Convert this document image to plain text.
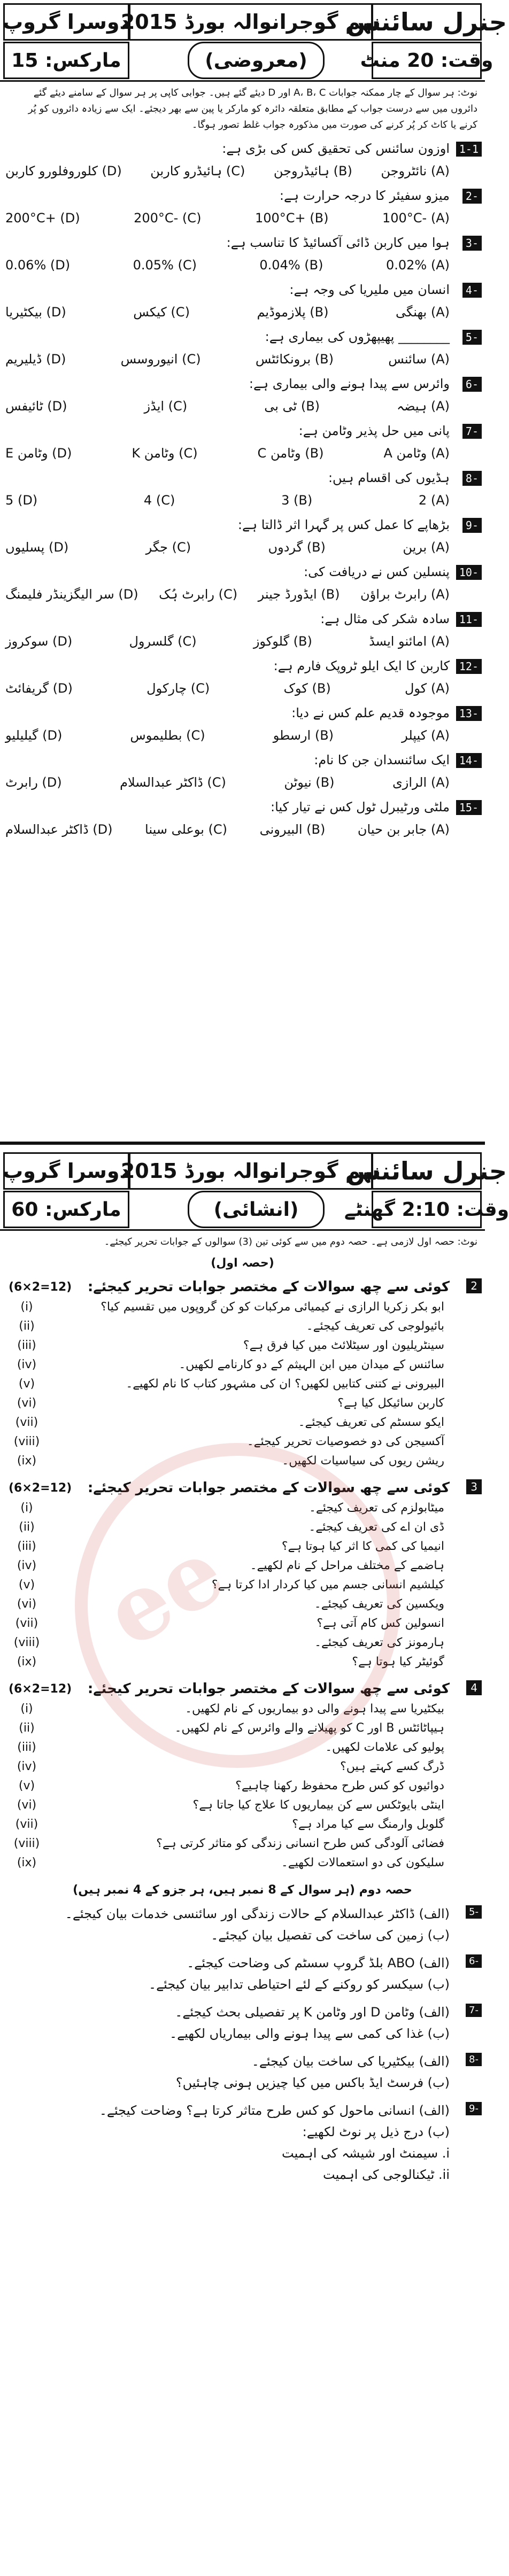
جنرل سائنس
نہم گوجرانوالہ بورڈ 2015
دوسرا گروپ
وقت: 20 منٹ
(معروضی)
مارکس: 15
نوٹ: ہر سوال کے چار ممکنہ جوابات A، B، C اور D دیئے گئے ہیں۔ جوابی کاپی پر ہر سوال کے سامنے دیئے گئے دائروں میں سے درست جواب کے مطابق متعلقہ دائرہ کو مارکر یا پین سے بھر دیجئے۔ ایک سے زیادہ دائروں کو پُر کرنے یا کاٹ کر پُر کرنے کی صورت میں مذکورہ جواب غلط تصور ہوگا۔
1-1
اوزون سائنس کی تحقیق کس کی بڑی ہے:
(A) نائٹروجن
(B) ہائیڈروجن
(C) ہائیڈرو کاربن
(D) کلوروفلورو کاربن
-2
میزو سفیئر کا درجہ حرارت ہے:
(A) -100°C
(B) +100°C
(C) -200°C
(D) +200°C
-3
ہوا میں کاربن ڈائی آکسائیڈ کا تناسب ہے:
(A) 0.02%
(B) 0.04%
(C) 0.05%
(D) 0.06%
-4
انسان میں ملیریا کی وجہ ہے:
(A) بھنگی
(B) پلازموڈیم
(C) کیکس
(D) بیکٹیریا
-5
________ پھیپھڑوں کی بیماری ہے:
(A) سائنس
(B) برونکائٹس
(C) انیوروسس
(D) ڈیلیریم
-6
وائرس سے پیدا ہونے والی بیماری ہے:
(A) ہیضہ
(B) ٹی بی
(C) ایڈز
(D) ٹائیفس
-7
پانی میں حل پذیر وٹامن ہے:
(A) وٹامن A
(B) وٹامن C
(C) وٹامن K
(D) وٹامن E
-8
ہڈیوں کی اقسام ہیں:
(A) 2
(B) 3
(C) 4
(D) 5
-9
بڑھاپے کا عمل کس پر گہرا اثر ڈالتا ہے:
(A) برین
(B) گردوں
(C) جگر
(D) پسلیوں
-10
پنسلین کس نے دریافت کی:
(A) رابرٹ براؤن
(B) ایڈورڈ جینر
(C) رابرٹ ہُک
(D) سر الیگزینڈر فلیمنگ
-11
سادہ شکر کی مثال ہے:
(A) امائنو ایسڈ
(B) گلوکوز
(C) گلسرول
(D) سوکروز
-12
کاربن کا ایک ایلو ٹروپک فارم ہے:
(A) کول
(B) کوک
(C) چارکول
(D) گریفائٹ
-13
موجودہ قدیم علم کس نے دیا:
(A) کیپلر
(B) ارسطو
(C) بطلیموس
(D) گیلیلیو
-14
ایک سائنسدان جن کا نام:
(A) الرازی
(B) نیوٹن
(C) ڈاکٹر عبدالسلام
(D) رابرٹ
-15
ملٹی ورٹیبرل ٹول کس نے تیار کیا:
(A) جابر بن حیان
(B) البیرونی
(C) بوعلی سینا
(D) ڈاکٹر عبدالسلام
جنرل سائنس
نہم گوجرانوالہ بورڈ 2015
دوسرا گروپ
وقت: 2:10 گھنٹے
(انشائی)
مارکس: 60
نوٹ: حصہ اول لازمی ہے۔ حصہ دوم میں سے کوئی تین (3) سوالوں کے جوابات تحریر کیجئے۔
(حصہ اول)
2
(6×2=12)	کوئی سے چھ سوالات کے مختصر جوابات تحریر کیجئے:
ابو بکر زکریا الرازی نے کیمیائی مرکبات کو کن گروپوں میں تقسیم کیا؟
(i)
بائیولوجی کی تعریف کیجئے۔
(ii)
سینٹریلیون اور سیٹلائٹ میں کیا فرق ہے؟
(iii)
سائنس کے میدان میں ابن الہیثم کے دو کارنامے لکھیں۔
(iv)
البیرونی نے کتنی کتابیں لکھیں؟ ان کی مشہور کتاب کا نام لکھیے۔
(v)
کاربن سائیکل کیا ہے؟
(vi)
ایکو سسٹم کی تعریف کیجئے۔
(vii)
آکسیجن کی دو خصوصیات تحریر کیجئے۔
(viii)
ریشن ریوں کی سیاسیات لکھیں۔
(ix)
3
(6×2=12)	کوئی سے چھ سوالات کے مختصر جوابات تحریر کیجئے:
میٹابولزم کی تعریف کیجئے۔
(i)
ڈی ان اے کی تعریف کیجئے۔
(ii)
انیمیا کی کمی کا اثر کیا ہوتا ہے؟
(iii)
ہاضمے کے مختلف مراحل کے نام لکھیے۔
(iv)
کیلشیم انسانی جسم میں کیا کردار ادا کرتا ہے؟
(v)
ویکسین کی تعریف کیجئے۔
(vi)
انسولین کس کام آتی ہے؟
(vii)
ہارمونز کی تعریف کیجئے۔
(viii)
گوئیٹر کیا ہوتا ہے؟
(ix)
4
(6×2=12)	کوئی سے چھ سوالات کے مختصر جوابات تحریر کیجئے:
بیکٹیریا سے پیدا ہونے والی دو بیماریوں کے نام لکھیں۔
(i)
ہیپاٹائٹس B اور C کو پھیلانے والے وائرس کے نام لکھیں۔
(ii)
پولیو کی علامات لکھیں۔
(iii)
ڈرگ کسے کہتے ہیں؟
(iv)
دوائیوں کو کس طرح محفوظ رکھنا چاہیے؟
(v)
اینٹی بایوٹکس سے کن بیماریوں کا علاج کیا جاتا ہے؟
(vi)
گلوبل وارمنگ سے کیا مراد ہے؟
(vii)
فضائی آلودگی کس طرح انسانی زندگی کو متاثر کرتی ہے؟
(viii)
سلیکون کی دو استعمالات لکھیے۔
(ix)
حصہ دوم (ہر سوال کے 8 نمبر ہیں، ہر جزو کے 4 نمبر ہیں)
-5
(الف) ڈاکٹر عبدالسلام کے حالات زندگی اور سائنسی خدمات بیان کیجئے۔
(ب) زمین کی ساخت کی تفصیل بیان کیجئے۔
-6
(الف) ABO بلڈ گروپ سسٹم کی وضاحت کیجئے۔
(ب) سیکسر کو روکنے کے لئے احتیاطی تدابیر بیان کیجئے۔
-7
(الف) وٹامن D اور وٹامن K پر تفصیلی بحث کیجئے۔
(ب) غذا کی کمی سے پیدا ہونے والی بیماریاں لکھیے۔
-8
(الف) بیکٹیریا کی ساخت بیان کیجئے۔
(ب) فرسٹ ایڈ باکس میں کیا چیزیں ہونی چاہئیں؟
-9
(الف) انسانی ماحول کو کس طرح متاثر کرتا ہے؟ وضاحت کیجئے۔
(ب) درج ذیل پر نوٹ لکھیے:
i. سیمنٹ اور شیشہ کی اہمیت
ii. ٹیکنالوجی کی اہمیت
ee
